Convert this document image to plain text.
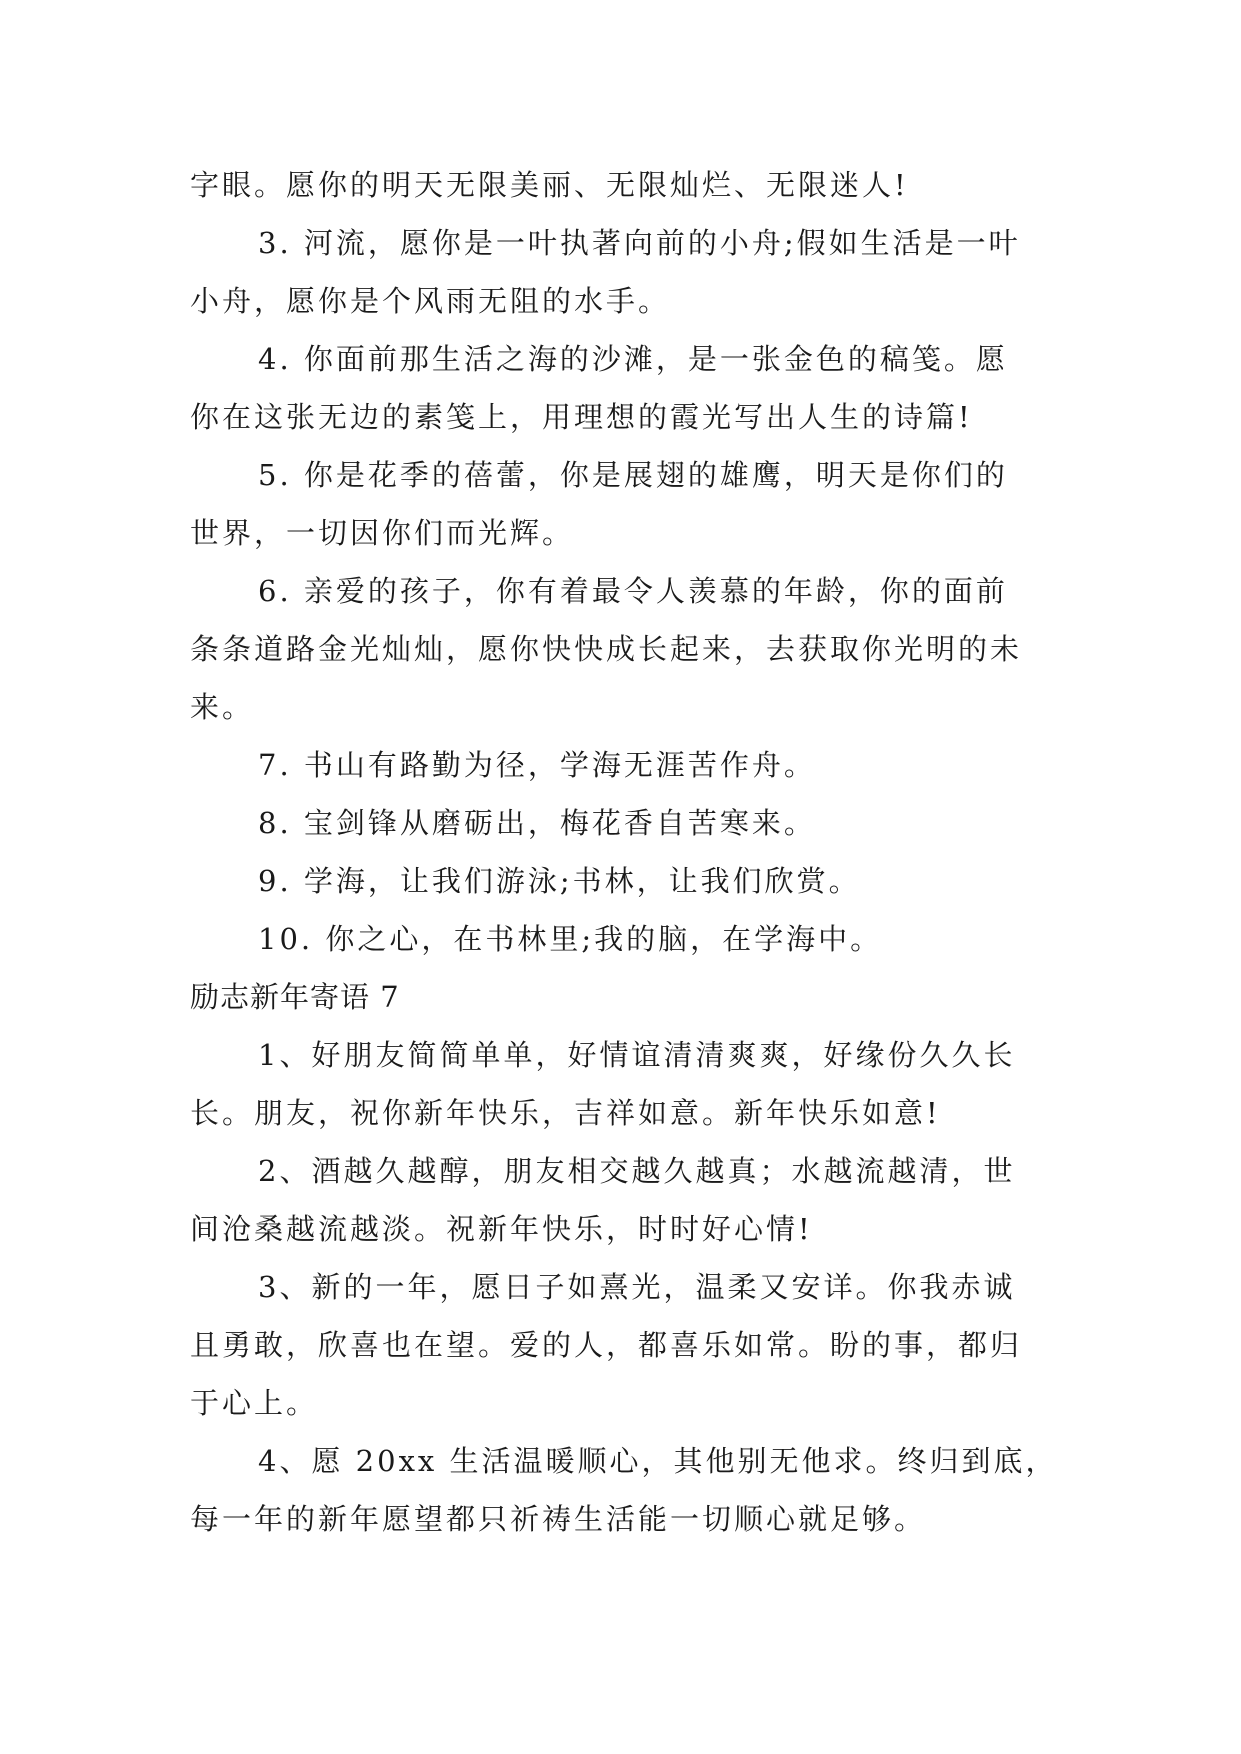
字眼。愿你的明天无限美丽、无限灿烂、无限迷人!
3. 河流，愿你是一叶执著向前的小舟;假如生活是一叶
小舟，愿你是个风雨无阻的水手。
4. 你面前那生活之海的沙滩，是一张金色的稿笺。愿
你在这张无边的素笺上，用理想的霞光写出人生的诗篇!
5. 你是花季的蓓蕾，你是展翅的雄鹰，明天是你们的
世界，一切因你们而光辉。
6. 亲爱的孩子，你有着最令人羡慕的年龄，你的面前
条条道路金光灿灿，愿你快快成长起来，去获取你光明的未
来。
7. 书山有路勤为径，学海无涯苦作舟。
8. 宝剑锋从磨砺出，梅花香自苦寒来。
9. 学海，让我们游泳;书林，让我们欣赏。
10. 你之心，在书林里;我的脑，在学海中。
励志新年寄语 7
1、好朋友简简单单，好情谊清清爽爽，好缘份久久长
长。朋友，祝你新年快乐，吉祥如意。新年快乐如意!
2、酒越久越醇，朋友相交越久越真；水越流越清，世
间沧桑越流越淡。祝新年快乐，时时好心情!
3、新的一年，愿日子如熹光，温柔又安详。你我赤诚
且勇敢，欣喜也在望。爱的人，都喜乐如常。盼的事，都归
于心上。
4、愿 20xx 生活温暖顺心，其他别无他求。终归到底，
每一年的新年愿望都只祈祷生活能一切顺心就足够。
